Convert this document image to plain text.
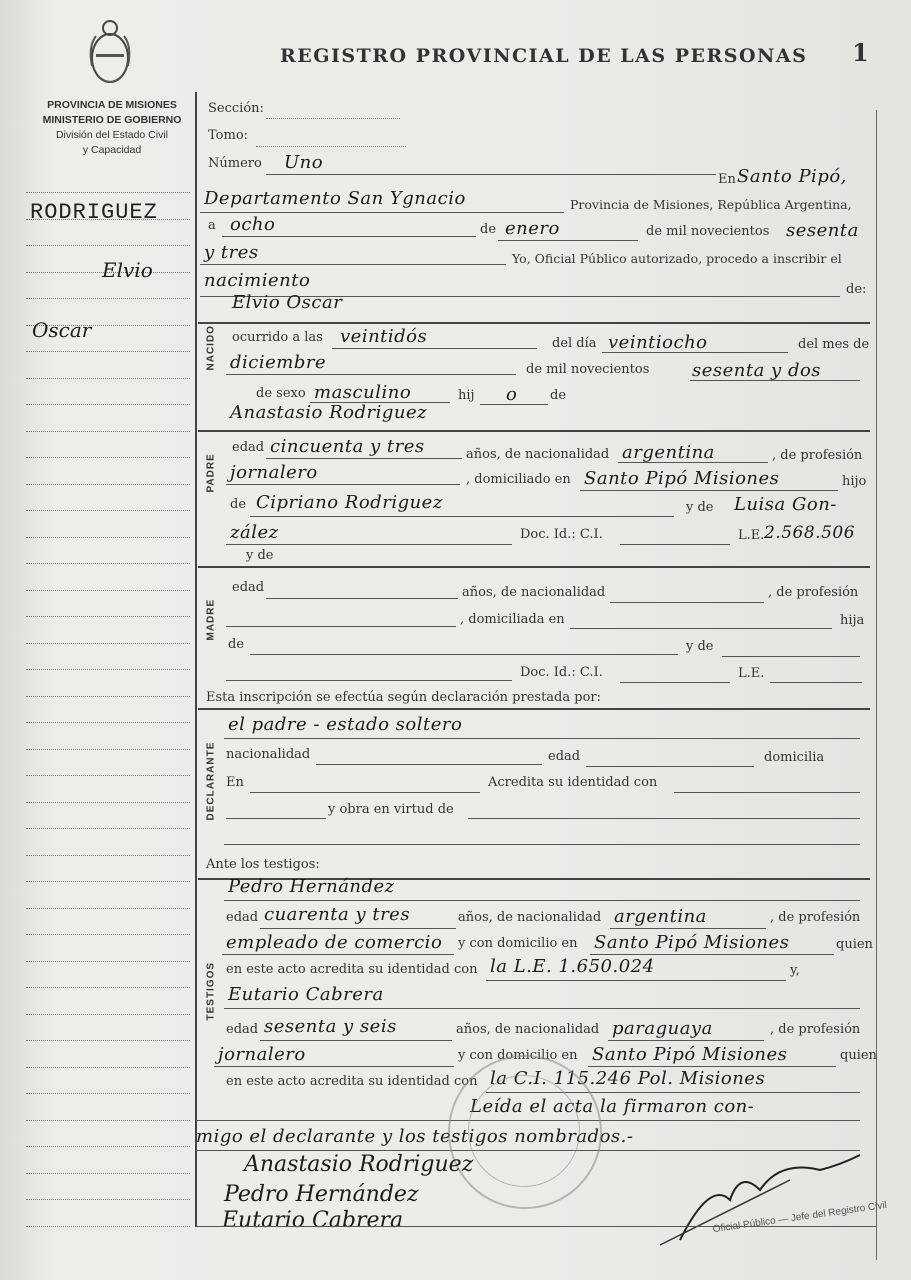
REGISTRO PROVINCIAL DE LAS PERSONAS 1
PROVINCIA DE MISIONES
MINISTERIO DE GOBIERNO
División del Estado Civil
y Capacidad
RODRIGUEZ
Elvio
Oscar
Sección:
Tomo:
Número Uno
En Santo Pipó,
Departamento San Ygnacio	Provincia de Misiones, República Argentina,
a ocho	de enero	de mil novecientos sesenta
y tres	Yo, Oficial Público autorizado, procedo a inscribir el
nacimiento	de:
NACIDO
Elvio Oscar
ocurrido a las veintidós	del día veintiocho	del mes de
diciembre	de mil novecientos sesenta y dos
de sexo masculino	hij o	de
PADRE
Anastasio Rodriguez
edad cincuenta y tres	años, de nacionalidad argentina	, de profesión
jornalero	, domiciliado en Santo Pipó Misiones	hijo
de Cipriano Rodriguez	y de Luisa Gon-
zález	Doc. Id.: C.I.	L.E. 2.568.506
y de
MADRE
edad	años, de nacionalidad	, de profesión
, domiciliada en	hija
de	y de
Doc. Id.: C.I.	L.E.
Esta inscripción se efectúa según declaración prestada por:
DECLARANTE
el padre - estado soltero
nacionalidad	edad	domicilia
En	Acredita su identidad con
y obra en virtud de
Ante los testigos:
TESTIGOS
Pedro Hernández
edad cuarenta y tres	años, de nacionalidad argentina	, de profesión
empleado de comercio y con domicilio en Santo Pipó Misiones	quien
en este acto acredita su identidad con la L.E. 1.650.024	y,
Eutario Cabrera
edad sesenta y seis	años, de nacionalidad paraguaya	, de profesión
jornalero	y con domicilio en Santo Pipó Misiones	quien
en este acto acredita su identidad con la C.I. 115.246 Pol. Misiones
Leída el acta la firmaron con-
migo el declarante y los testigos nombrados.-
Anastasio Rodriguez
Pedro Hernández
Eutario Cabrera	Oficial Público — Jefe del Registro Civil
